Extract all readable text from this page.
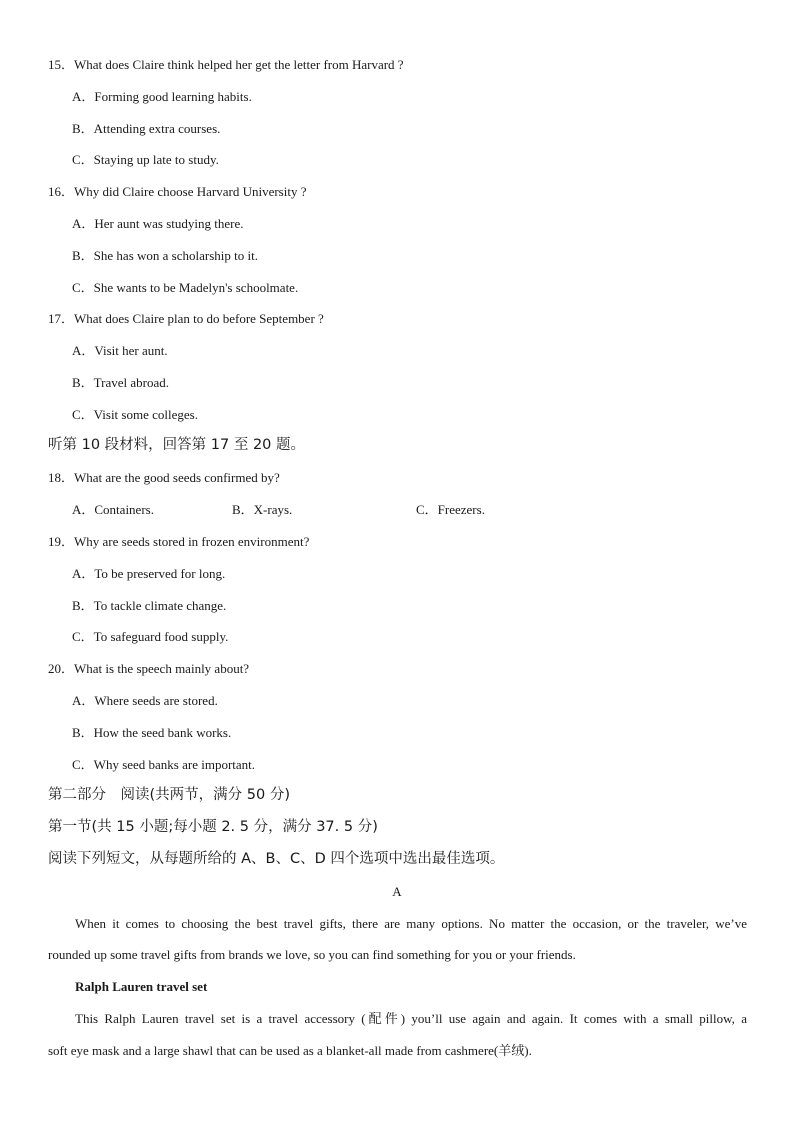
15．What does Claire think helped her get the letter from Harvard ?
A．Forming good learning habits.
B．Attending extra courses.
C．Staying up late to study.
16．Why did Claire choose Harvard University ?
A．Her aunt was studying there.
B．She has won a scholarship to it.
C．She wants to be Madelyn's schoolmate.
17．What does Claire plan to do before September ?
A．Visit her aunt.
B．Travel abroad.
C．Visit some colleges.
听第 10 段材料，回答第 17 至 20 题。
18．What are the good seeds confirmed by?
A．Containers.	B．X-rays.	C．Freezers.
19．Why are seeds stored in frozen environment?
A．To be preserved for long.
B．To tackle climate change.
C．To safeguard food supply.
20．What is the speech mainly about?
A．Where seeds are stored.
B．How the seed bank works.
C．Why seed banks are important.
第二部分　阅读(共两节，满分 50 分)
第一节(共 15 小题;每小题 2. 5 分，满分 37. 5 分)
阅读下列短文，从每题所给的 A、B、C、D 四个选项中选出最佳选项。
A
When it comes to choosing the best travel gifts, there are many options. No matter the occasion, or the traveler, we’ve
rounded up some travel gifts from brands we love, so you can find something for you or your friends.
Ralph Lauren travel set
This Ralph Lauren travel set is a travel accessory (配件) you’ll use again and again. It comes with a small pillow, a
soft eye mask and a large shawl that can be used as a blanket-all made from cashmere(羊绒).
